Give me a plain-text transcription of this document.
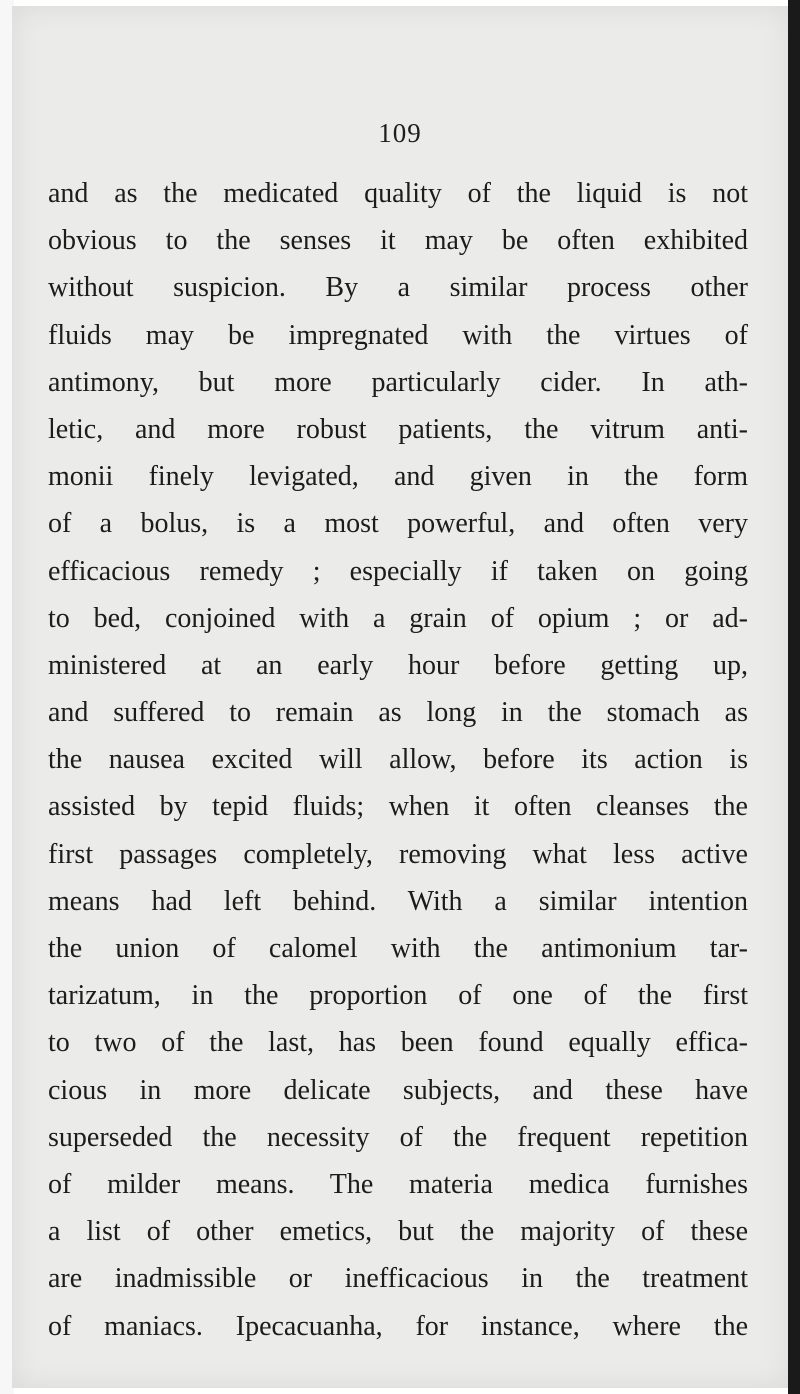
109
and as the medicated quality of the liquid is not
obvious to the senses it may be often exhibited
without suspicion. By a similar process other
fluids may be impregnated with the virtues of
antimony, but more particularly cider. In ath-
letic, and more robust patients, the vitrum anti-
monii finely levigated, and given in the form
of a bolus, is a most powerful, and often very
efficacious remedy ; especially if taken on going
to bed, conjoined with a grain of opium ; or ad-
ministered at an early hour before getting up,
and suffered to remain as long in the stomach as
the nausea excited will allow, before its action is
assisted by tepid fluids; when it often cleanses the
first passages completely, removing what less active
means had left behind. With a similar intention
the union of calomel with the antimonium tar-
tarizatum, in the proportion of one of the first
to two of the last, has been found equally effica-
cious in more delicate subjects, and these have
superseded the necessity of the frequent repetition
of milder means. The materia medica furnishes
a list of other emetics, but the majority of these
are inadmissible or inefficacious in the treatment
of maniacs. Ipecacuanha, for instance, where the
